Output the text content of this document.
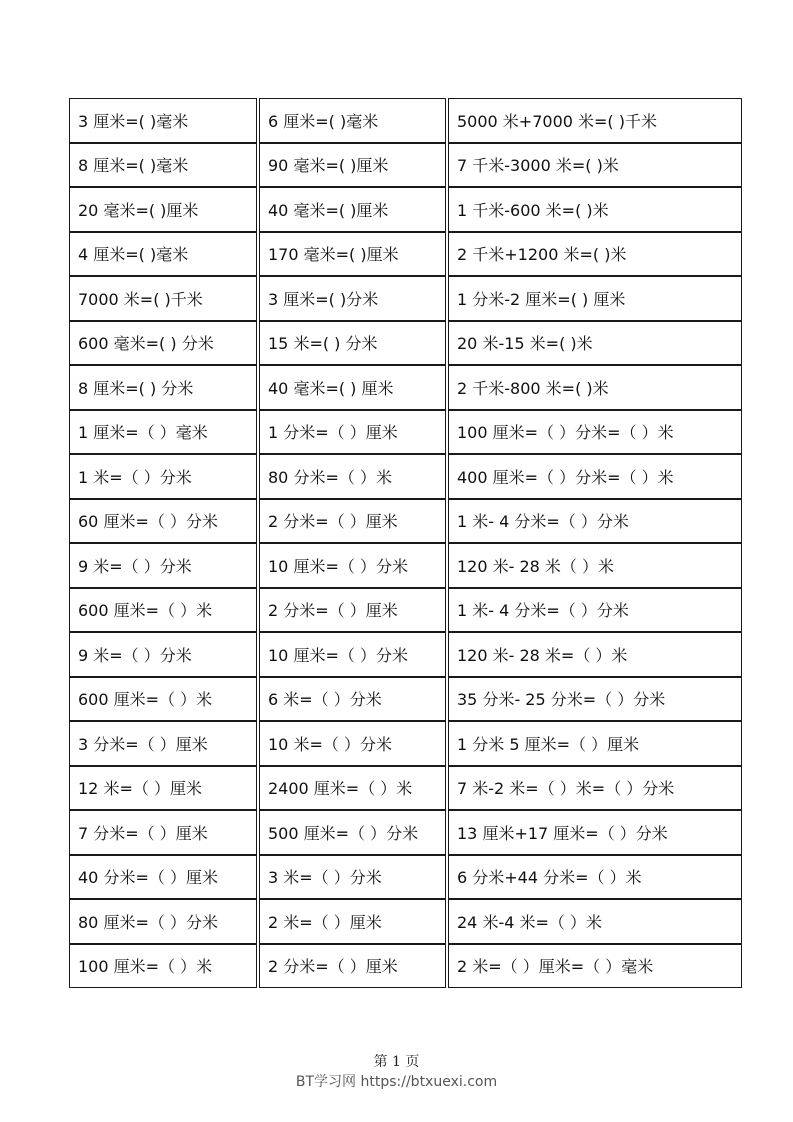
3 厘米=( )毫米	6 厘米=( )毫米	5000 米+7000 米=( )千米
8 厘米=( )毫米	90 毫米=( )厘米	7 千米-3000 米=( )米
20 毫米=( )厘米	40 毫米=( )厘米	1 千米-600 米=( )米
4 厘米=( )毫米	170 毫米=( )厘米	2 千米+1200 米=( )米
7000 米=( )千米	3 厘米=( )分米	1 分米-2 厘米=( ) 厘米
600 毫米=( ) 分米	15 米=( ) 分米	20 米-15 米=( )米
8 厘米=( ) 分米	40 毫米=( ) 厘米	2 千米-800 米=( )米
1 厘米=（ ）毫米	1 分米=（ ）厘米	100 厘米=（ ）分米=（ ）米
1 米=（ ）分米	80 分米=（ ）米	400 厘米=（ ）分米=（ ）米
60 厘米=（ ）分米	2 分米=（ ）厘米	1 米- 4 分米=（ ）分米
9 米=（ ）分米	10 厘米=（ ）分米	120 米- 28 米（ ）米
600 厘米=（ ）米	2 分米=（ ）厘米	1 米- 4 分米=（ ）分米
9 米=（ ）分米	10 厘米=（ ）分米	120 米- 28 米=（ ）米
600 厘米=（ ）米	6 米=（ ）分米	35 分米- 25 分米=（ ）分米
3 分米=（ ）厘米	10 米=（ ）分米	1 分米 5 厘米=（ ）厘米
12 米=（ ）厘米	2400 厘米=（ ）米	7 米-2 米=（ ）米=（ ）分米
7 分米=（ ）厘米	500 厘米=（ ）分米	13 厘米+17 厘米=（ ）分米
40 分米=（ ）厘米	3 米=（ ）分米	6 分米+44 分米=（ ）米
80 厘米=（ ）分米	2 米=（ ）厘米	24 米-4 米=（ ）米
100 厘米=（ ）米	2 分米=（ ）厘米	2 米=（ ）厘米=（ ）毫米
第 1 页
BT学习网 https://btxuexi.com
